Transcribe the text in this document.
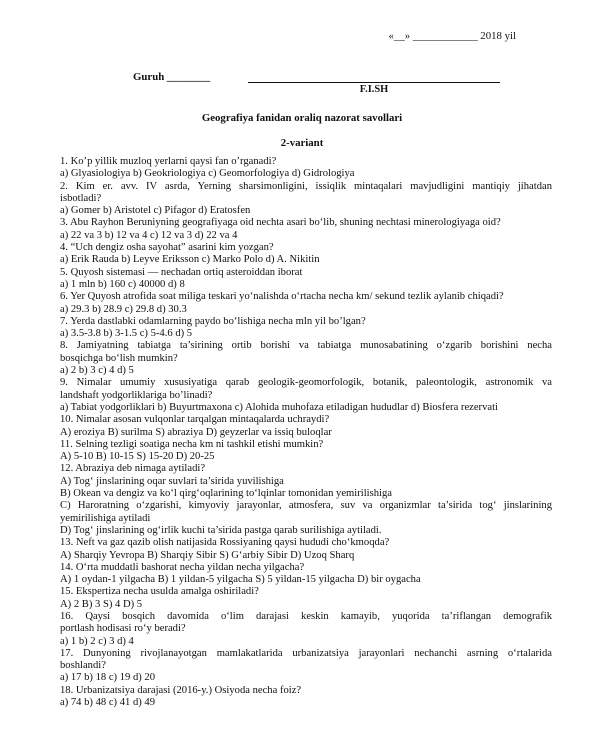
«__» ____________ 2018 yil
Guruh ________
F.I.SH
Geografiya fanidan oraliq nazorat savollari
2-variant
1. Ko’p yillik muzloq yerlarni qaysi fan o’rganadi?
a) Glyasiologiya b) Geokriologiya c) Geomorfologiya d) Gidrologiya
2. Kim er. avv. IV asrda, Yerning sharsimonligini, issiqlik mintaqalari mavjudligini mantiqiy jihatdan
isbotladi?
a) Gomer b) Aristotel c) Pifagor d) Eratosfen
3. Abu Rayhon Beruniyning geografiyaga oid nechta asari bo‘lib, shuning nechtasi minerologiyaga oid?
a) 22 va 3 b) 12 va 4 c) 12 va 3 d) 22 va 4
4. “Uch dengiz osha sayohat” asarini kim yozgan?
a) Erik Rauda b) Leyve Eriksson c) Marko Polo d) A. Nikitin
5. Quyosh sistemasi — nechadan ortiq asteroiddan iborat
a) 1 mln b) 160 c) 40000 d) 8
6. Yer Quyosh atrofida soat miliga teskari yo‘nalishda o‘rtacha necha km/ sekund tezlik aylanib chiqadi?
a) 29.3 b) 28.9 c) 29.8 d) 30.3
7. Yerda dastlabki odamlarning paydo bo‘lishiga necha mln yil bo’lgan?
a) 3.5-3.8 b) 3-1.5 c) 5-4.6 d) 5
8. Jamiyatning tabiatga ta’sirining ortib borishi va tabiatga munosabatining o‘zgarib borishini necha
bosqichga bo‘lish mumkin?
a) 2 b) 3 c) 4 d) 5
9. Nimalar umumiy xususiyatiga qarab geologik-geomorfologik, botanik, paleontologik, astronomik va
landshaft yodgorliklariga bo’linadi?
a) Tabiat yodgorliklari b) Buyurtmaxona c) Alohida muhofaza etiladigan hududlar d) Biosfera rezervati
10. Nimalar asosan vulqonlar tarqalgan mintaqalarda uchraydi?
A) eroziya B) surilma S) abraziya D) geyzerlar va issiq buloqlar
11. Selning tezligi soatiga necha km ni tashkil etishi mumkin?
A) 5-10 B) 10-15 S) 15-20 D) 20-25
12. Abraziya deb nimaga aytiladi?
A) Tog‘ jinslarining oqar suvlari ta’sirida yuvilishiga
B) Okean va dengiz va ko‘l qirg‘oqlarining to‘lqinlar tomonidan yemirilishiga
C) Haroratning o‘zgarishi, kimyoviy jarayonlar, atmosfera, suv va organizmlar ta’sirida tog‘ jinslarining
yemirilishiga aytiladi
D) Tog‘ jinslarining og‘irlik kuchi ta’sirida pastga qarab surilishiga aytiladi.
13. Neft va gaz qazib olish natijasida Rossiyaning qaysi hududi cho‘kmoqda?
A) Sharqiy Yevropa B) Sharqiy Sibir S) G‘arbiy Sibir D) Uzoq Sharq
14. O‘rta muddatli bashorat necha yildan necha yilgacha?
A) 1 oydan-1 yilgacha B) 1 yildan-5 yilgacha S) 5 yildan-15 yilgacha D) bir oygacha
15. Ekspertiza necha usulda amalga oshiriladi?
A) 2 B) 3 S) 4 D) 5
16. Qaysi bosqich davomida o‘lim darajasi keskin kamayib, yuqorida ta’riflangan demografik
portlash hodisasi ro‘y beradi?
a) 1 b) 2 c) 3 d) 4
17. Dunyoning rivojlanayotgan mamlakatlarida urbanizatsiya jarayonlari nechanchi asrning o‘rtalarida
boshlandi?
a) 17 b) 18 c) 19 d) 20
18. Urbanizatsiya darajasi (2016-y.) Osiyoda necha foiz?
a) 74 b) 48 c) 41 d) 49
